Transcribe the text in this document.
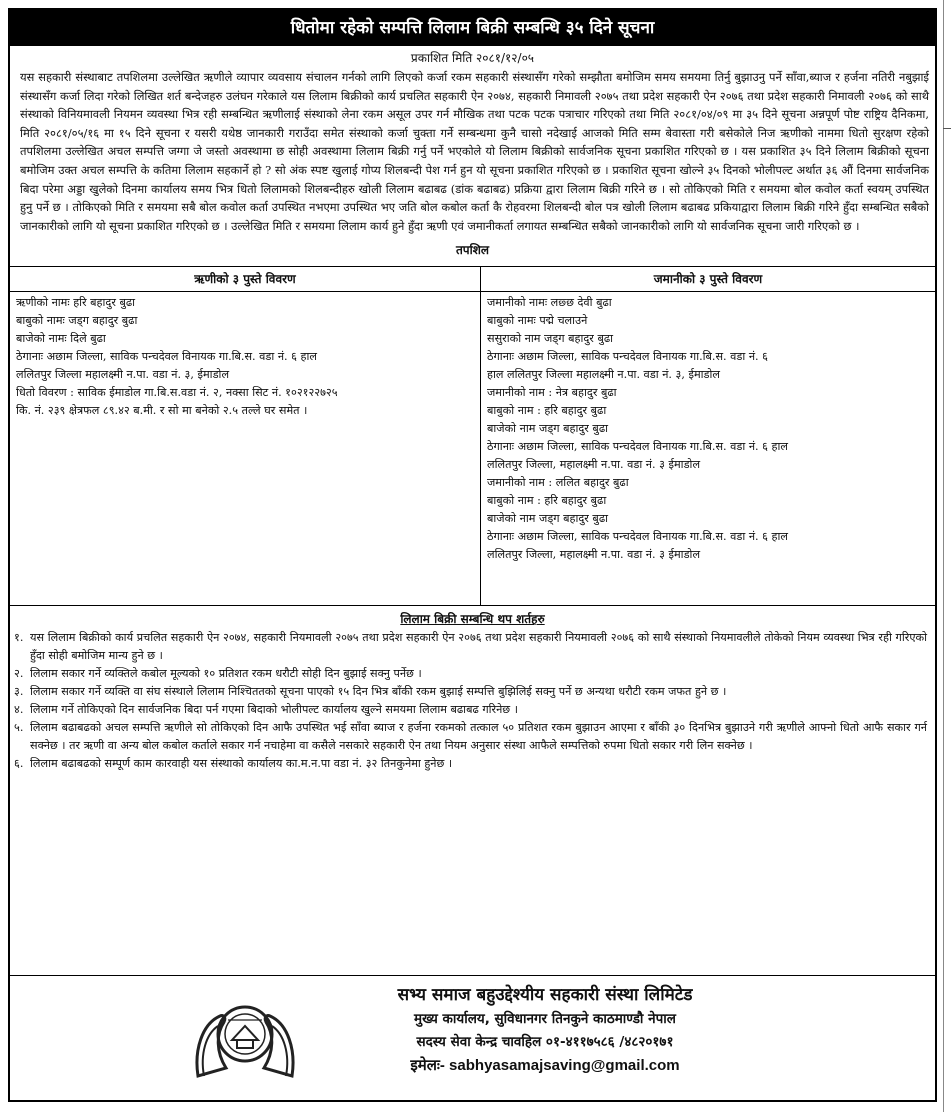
धितोमा रहेको सम्पत्ति लिलाम बिक्री सम्बन्धि ३५ दिने सूचना
प्रकाशित मिति २०८१/१२/०५
यस सहकारी संस्थाबाट तपशिलमा उल्लेखित ऋणीले व्यापार व्यवसाय संचालन गर्नको लागि लिएको कर्जा रकम सहकारी संस्थासँग गरेको सम्झौता बमोजिम समय समयमा तिर्नु बुझाउनु पर्ने साँवा,ब्याज र हर्जना नतिरी नबुझाई संस्थासँग कर्जा लिदा गरेको लिखित शर्त बन्देजहरु उलंघन गरेकाले यस लिलाम बिक्रीको कार्य प्रचलित सहकारी ऐन २०७४, सहकारी निमावली २०७५ तथा प्रदेश सहकारी ऐन २०७६ तथा प्रदेश सहकारी निमावली २०७६ को साथै संस्थाको विनियमावली नियमन व्यवस्था भित्र रही सम्बन्धित ऋणीलाई संस्थाको लेना रकम असूल उपर गर्न मौखिक तथा पटक पटक पत्राचार गरिएको तथा मिति २०८१/०४/०९ मा ३५ दिने सूचना अन्नपूर्ण पोष्ट राष्ट्रिय दैनिकमा, मिति २०८१/०५/१६ मा १५ दिने सूचना र यसरी यथेष्ठ जानकारी गराउँदा समेत संस्थाको कर्जा चुक्ता गर्ने सम्बन्धमा कुनै चासो नदेखाई आजको मिति सम्म बेवास्ता गरी बसेकोले निज ऋणीको नाममा धितो सुरक्षण रहेको तपशिलमा उल्लेखित अचल सम्पत्ति जग्गा जे जस्तो अवस्थामा छ सोही अवस्थामा लिलाम बिक्री गर्नु पर्ने भएकोले यो लिलाम बिक्रीको सार्वजनिक सूचना प्रकाशित गरिएको छ । यस प्रकाशित ३५ दिने लिलाम बिक्रीको सूचना बमोजिम उक्त अचल सम्पत्ति के कतिमा लिलाम सहकार्ने हो ? सो अंक स्पष्ट खुलाई गोप्य शिलबन्दी पेश गर्न हुन यो सूचना प्रकाशित गरिएको छ । प्रकाशित सूचना खोल्ने ३५ दिनको भोलीपल्ट अर्थात ३६ औं दिनमा सार्वजनिक बिदा परेमा अड्डा खुलेको दिनमा कार्यालय समय भित्र धितो लिलामको शिलबन्दीहरु खोली लिलाम बढाबढ (डांक बढाबढ) प्रक्रिया द्वारा लिलाम बिक्री गरिने छ । सो तोकिएको मिति र समयमा बोल कवोल कर्ता स्वयम् उपस्थित हुनु पर्ने छ । तोकिएको मिति र समयमा सबै बोल कवोल कर्ता उपस्थित नभएमा उपस्थित भए जति बोल कबोल कर्ता कै रोहवरमा शिलबन्दी बोल पत्र खोली लिलाम बढाबढ प्रकियाद्वारा लिलाम बिक्री गरिने हुँदा सम्बन्धित सबैको जानकारीको लागि यो सूचना प्रकाशित गरिएको छ । उल्लेखित मिति र समयमा लिलाम कार्य हुने हुँदा ऋणी एवं जमानीकर्ता लगायत सम्बन्धित सबैको जानकारीको लागि यो सार्वजनिक सूचना जारी गरिएको छ ।
तपशिल
ऋणीको ३ पुस्ते विवरण
ऋणीको नामः हरि बहादुर बुढा
बाबुको नामः जड्ग बहादुर बुढा
बाजेको नामः दिले बुढा
ठेगानाः अछाम जिल्ला, साविक पन्चदेवल विनायक गा.बि.स. वडा नं. ६ हाल
ललितपुर जिल्ला महालक्ष्मी न.पा. वडा नं. ३, ईमाडोल
धितो विवरण : साविक ईमाडोल गा.बि.स.वडा नं. २, नक्सा सिट नं. १०२१२२७२५
कि. नं. २३९ क्षेत्रफल ८९.४२ ब.मी. र सो मा बनेको २.५ तल्ले घर समेत ।
जमानीको ३ पुस्ते विवरण
जमानीको नामः लछ्छ देवी बुढा
बाबुको नामः पद्मे चलाउने
ससुराको नाम जड्ग बहादुर बुढा
ठेगानाः अछाम जिल्ला, साविक पन्चदेवल विनायक गा.बि.स. वडा नं. ६
हाल ललितपुर जिल्ला महालक्ष्मी न.पा. वडा नं. ३, ईमाडोल
जमानीको नाम : नेत्र बहादुर बुढा
बाबुको नाम : हरि बहादुर बुढा
बाजेको नाम जड्ग बहादुर बुढा
ठेगानाः अछाम जिल्ला, साविक पन्चदेवल विनायक गा.बि.स. वडा नं. ६ हाल
ललितपुर जिल्ला, महालक्ष्मी न.पा. वडा नं. ३ ईमाडोल
जमानीको नाम : ललित बहादुर बुढा
बाबुको नाम : हरि बहादुर बुढा
बाजेको नाम जड्ग बहादुर बुढा
ठेगानाः अछाम जिल्ला, साविक पन्चदेवल विनायक गा.बि.स. वडा नं. ६ हाल
ललितपुर जिल्ला, महालक्ष्मी न.पा. वडा नं. ३ ईमाडोल
लिलाम बिक्री सम्बन्धि थप शर्तहरु
१. यस लिलाम बिक्रीको कार्य प्रचलित सहकारी ऐन २०७४, सहकारी नियमावली २०७५ तथा प्रदेश सहकारी ऐन २०७६ तथा प्रदेश सहकारी नियमावली २०७६ को साथै संस्थाको नियमावलीले तोकेको नियम व्यवस्था भित्र रही गरिएको हुँदा सोही बमोजिम मान्य हुने छ ।
२. लिलाम सकार गर्ने व्यक्तिले कबोल मूल्यको १० प्रतिशत रकम धरौटी सोही दिन बुझाई सक्नु पर्नेछ ।
३. लिलाम सकार गर्ने व्यक्ति वा संघ संस्थाले लिलाम निश्चिततको सूचना पाएको १५ दिन भित्र बाँकी रकम बुझाई सम्पत्ति बुझिलिई सक्नु पर्ने छ अन्यथा धरौटी रकम जफत हुने छ ।
४. लिलाम गर्ने तोकिएको दिन सार्वजनिक बिदा पर्न गएमा बिदाको भोलीपल्ट कार्यालय खुल्ने समयमा लिलाम बढाबढ गरिनेछ ।
५. लिलाम बढाबढको अचल सम्पत्ति ऋणीले सो तोकिएको दिन आफै उपस्थित भई साँवा ब्याज र हर्जना रकमको तत्काल ५० प्रतिशत रकम बुझाउन आएमा र बाँकी ३० दिनभित्र बुझाउने गरी ऋणीले आफ्नो धितो आफै सकार गर्न सक्नेछ । तर ऋणी वा अन्य बोल कबोल कर्ताले सकार गर्न नचाहेमा वा कसैले नसकारे सहकारी ऐन तथा नियम अनुसार संस्था आफैले सम्पत्तिको रुपमा धितो सकार गरी लिन सक्नेछ ।
६. लिलाम बढाबढको सम्पूर्ण काम कारवाही यस संस्थाको कार्यालय का.म.न.पा वडा नं. ३२ तिनकुनेमा हुनेछ ।
सभ्य समाज बहुउद्देश्यीय सहकारी संस्था लिमिटेड
मुख्य कार्यालय, सुविधानगर तिनकुने काठमाण्डौ नेपाल
सदस्य सेवा केन्द्र चावहिल ०१-४११७५८६ /४८२०१७१
इमेलः- sabhyasamajsaving@gmail.com
